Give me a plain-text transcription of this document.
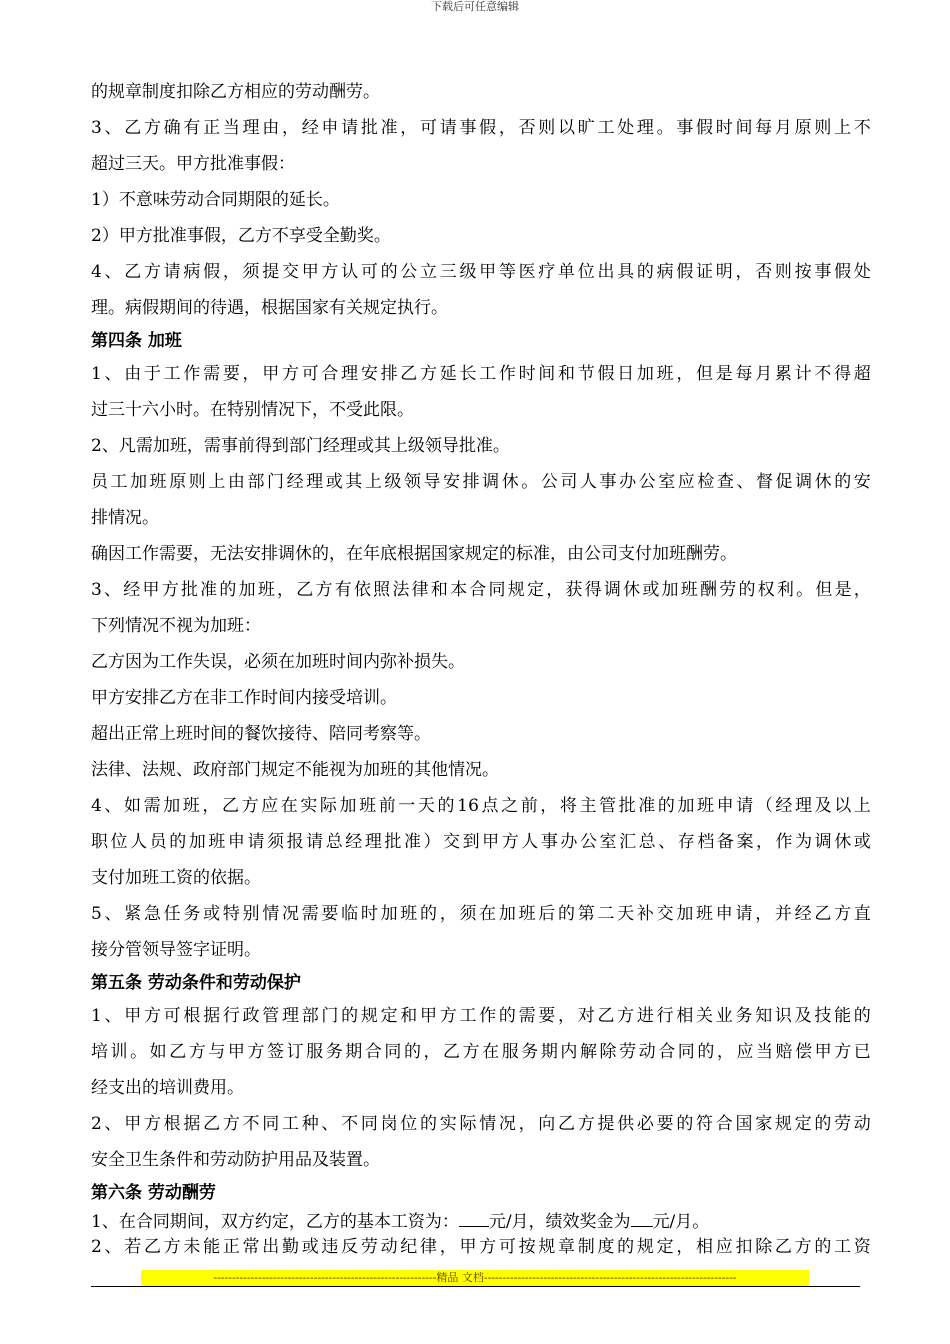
下载后可任意编辑
的规章制度扣除乙方相应的劳动酬劳。
3、乙方确有正当理由，经申请批准，可请事假，否则以旷工处理。事假时间每月原则上不
超过三天。甲方批准事假：
1）不意味劳动合同期限的延长。
2）甲方批准事假，乙方不享受全勤奖。
4、乙方请病假，须提交甲方认可的公立三级甲等医疗单位出具的病假证明，否则按事假处
理。病假期间的待遇，根据国家有关规定执行。
第四条 加班
1、由于工作需要，甲方可合理安排乙方延长工作时间和节假日加班，但是每月累计不得超
过三十六小时。在特别情况下，不受此限。
2、凡需加班，需事前得到部门经理或其上级领导批准。
员工加班原则上由部门经理或其上级领导安排调休。公司人事办公室应检查、督促调休的安
排情况。
确因工作需要，无法安排调休的，在年底根据国家规定的标准，由公司支付加班酬劳。
3、经甲方批准的加班，乙方有依照法律和本合同规定，获得调休或加班酬劳的权利。但是，
下列情况不视为加班：
乙方因为工作失误，必须在加班时间内弥补损失。
甲方安排乙方在非工作时间内接受培训。
超出正常上班时间的餐饮接待、陪同考察等。
法律、法规、政府部门规定不能视为加班的其他情况。
4、如需加班，乙方应在实际加班前一天的16点之前，将主管批准的加班申请（经理及以上
职位人员的加班申请须报请总经理批准）交到甲方人事办公室汇总、存档备案，作为调休或
支付加班工资的依据。
5、紧急任务或特别情况需要临时加班的，须在加班后的第二天补交加班申请，并经乙方直
接分管领导签字证明。
第五条 劳动条件和劳动保护
1、甲方可根据行政管理部门的规定和甲方工作的需要，对乙方进行相关业务知识及技能的
培训。如乙方与甲方签订服务期合同的，乙方在服务期内解除劳动合同的，应当赔偿甲方已
经支出的培训费用。
2、甲方根据乙方不同工种、不同岗位的实际情况，向乙方提供必要的符合国家规定的劳动
安全卫生条件和劳动防护用品及装置。
第六条 劳动酬劳
1、在合同期间，双方约定，乙方的基本工资为： 元/月，绩效奖金为 元/月。
2、若乙方未能正常出勤或违反劳动纪律，甲方可按规章制度的规定，相应扣除乙方的工资
------------------------------------------------------------精品 文档--------------------------------------------------------------------
